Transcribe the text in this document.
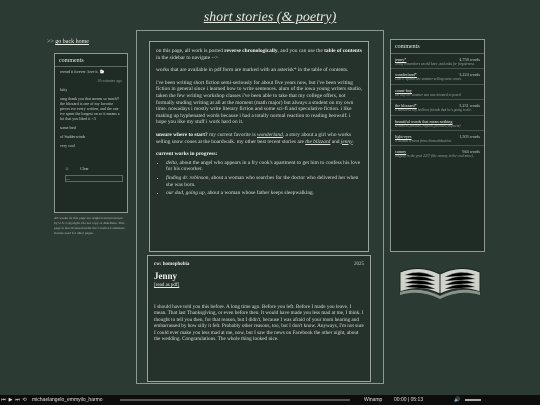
short stories (& poetry)
>> go back home
comments
reread it forever. love it. 🐑
26 minutes ago
kitty
omg thank you that means so much!! the blizzard is one of my favorite pieces ive every written, and the one ive spent the longest on so it means a lot that you liked it <3
some bird
of Sudderwinds
very cool
☺	Clear
—
All works on this page are original and protected by U.S. Copyright. Do not copy or distribute. This page is also licensed under the Creative Commons license used for other pages.

on this page, all work is posted reverse chronologically, and you can use the table of contents in the sidebar to navigate -->

works that are available in pdf form are marked with an asterisk* in the table of contents.

i've been writing short fiction semi-seriously for about five years now, but i've been writing fiction in general since i learned how to write sentences. alum of the iowa young writers studio, taken the few writing workshop classes i've been able to take that my college offers, not formally studing writing at all at the moment (math major) but always a student on my own time. nowadays i mostly write literary fiction and some sci-fi and speculative fiction. i like making up hyphenated words because i had a totally normal reaction to reading beowulf. i hope you like my stuff i work hard on it.

unsure where to start? my current favorite is wonderland, a story about a girl who works selling snow cones at the boardwalk. my other best recent stories are the blizzard and jenny.

current works in progress:
• delta, about the angel who appears in a fry cook's apartment to get him to confess his love for his coworker.
• finding dr. robinson, about a woman who searches for the doctor who delivered her when she was born.
• our dad, going up, about a woman whose father keeps sleepwalking.
cw: homophobia	2025
Jenny
[read as pdf]
I should have told you this before. A long time ago. Before you left. Before I made you leave, I mean. That last Thanksgiving, or even before then. It would have made you less mad at me, I think. I thought to tell you then, for that reason, but I didn't, because I was afraid of your mom hearing and embarrassed by how silly it felt. Probably other reasons, too, but I don't know. Anyways, I'm not sure I could ever make you less mad at me, now, but I saw the news on Facebook the other night, about the wedding. Congratulations. The whole thing looked nice.
comments
jenny*	4,758 words
Jenny remembers an old knee, and asks for forgiveness.
wonderland*	3,224 words
Gail e. spends the summer selling snow cones.
count-boy
the day the summer sun was doomed to pencil
the blizzard*	5,231 words
a nameless boy hollows friends that he's going to die.
beautiful words that mean nothing
sentences phrases, rhythm, phonics (in poem)
light-eyes	1,503 words
a woman returns from china abduction.
canary	944 words
tragedy in the year 2237 (the canary in the coal mine).
⏮ ▶ ⏭ ⟲ michaelangelo_emmyilo_harmo	Winamp	00:00 | 05:13	🔊
